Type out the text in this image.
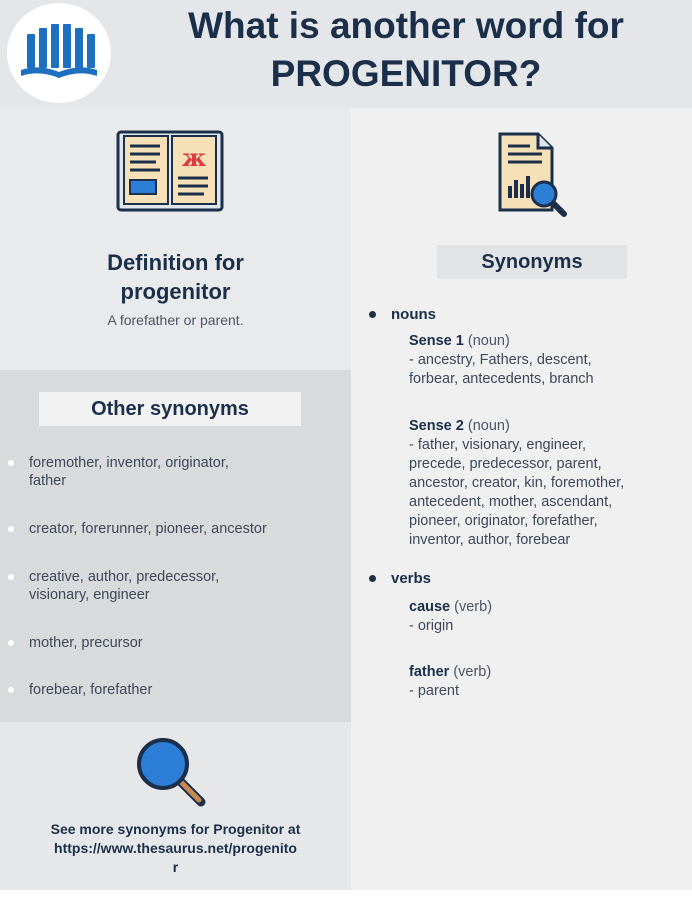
What is another word for
PROGENITOR?
ж
Definition for
progenitor
A forefather or parent.
Other synonyms
foremother, inventor, originator,
father
creator, forerunner, pioneer, ancestor
creative, author, predecessor,
visionary, engineer
mother, precursor
forebear, forefather
See more synonyms for Progenitor at
https://www.thesaurus.net/progenito
r
Synonyms
nouns
Sense 1 (noun)
- ancestry, Fathers, descent,
forbear, antecedents, branch
Sense 2 (noun)
- father, visionary, engineer,
precede, predecessor, parent,
ancestor, creator, kin, foremother,
antecedent, mother, ascendant,
pioneer, originator, forefather,
inventor, author, forebear
verbs
cause (verb)
- origin
father (verb)
- parent
